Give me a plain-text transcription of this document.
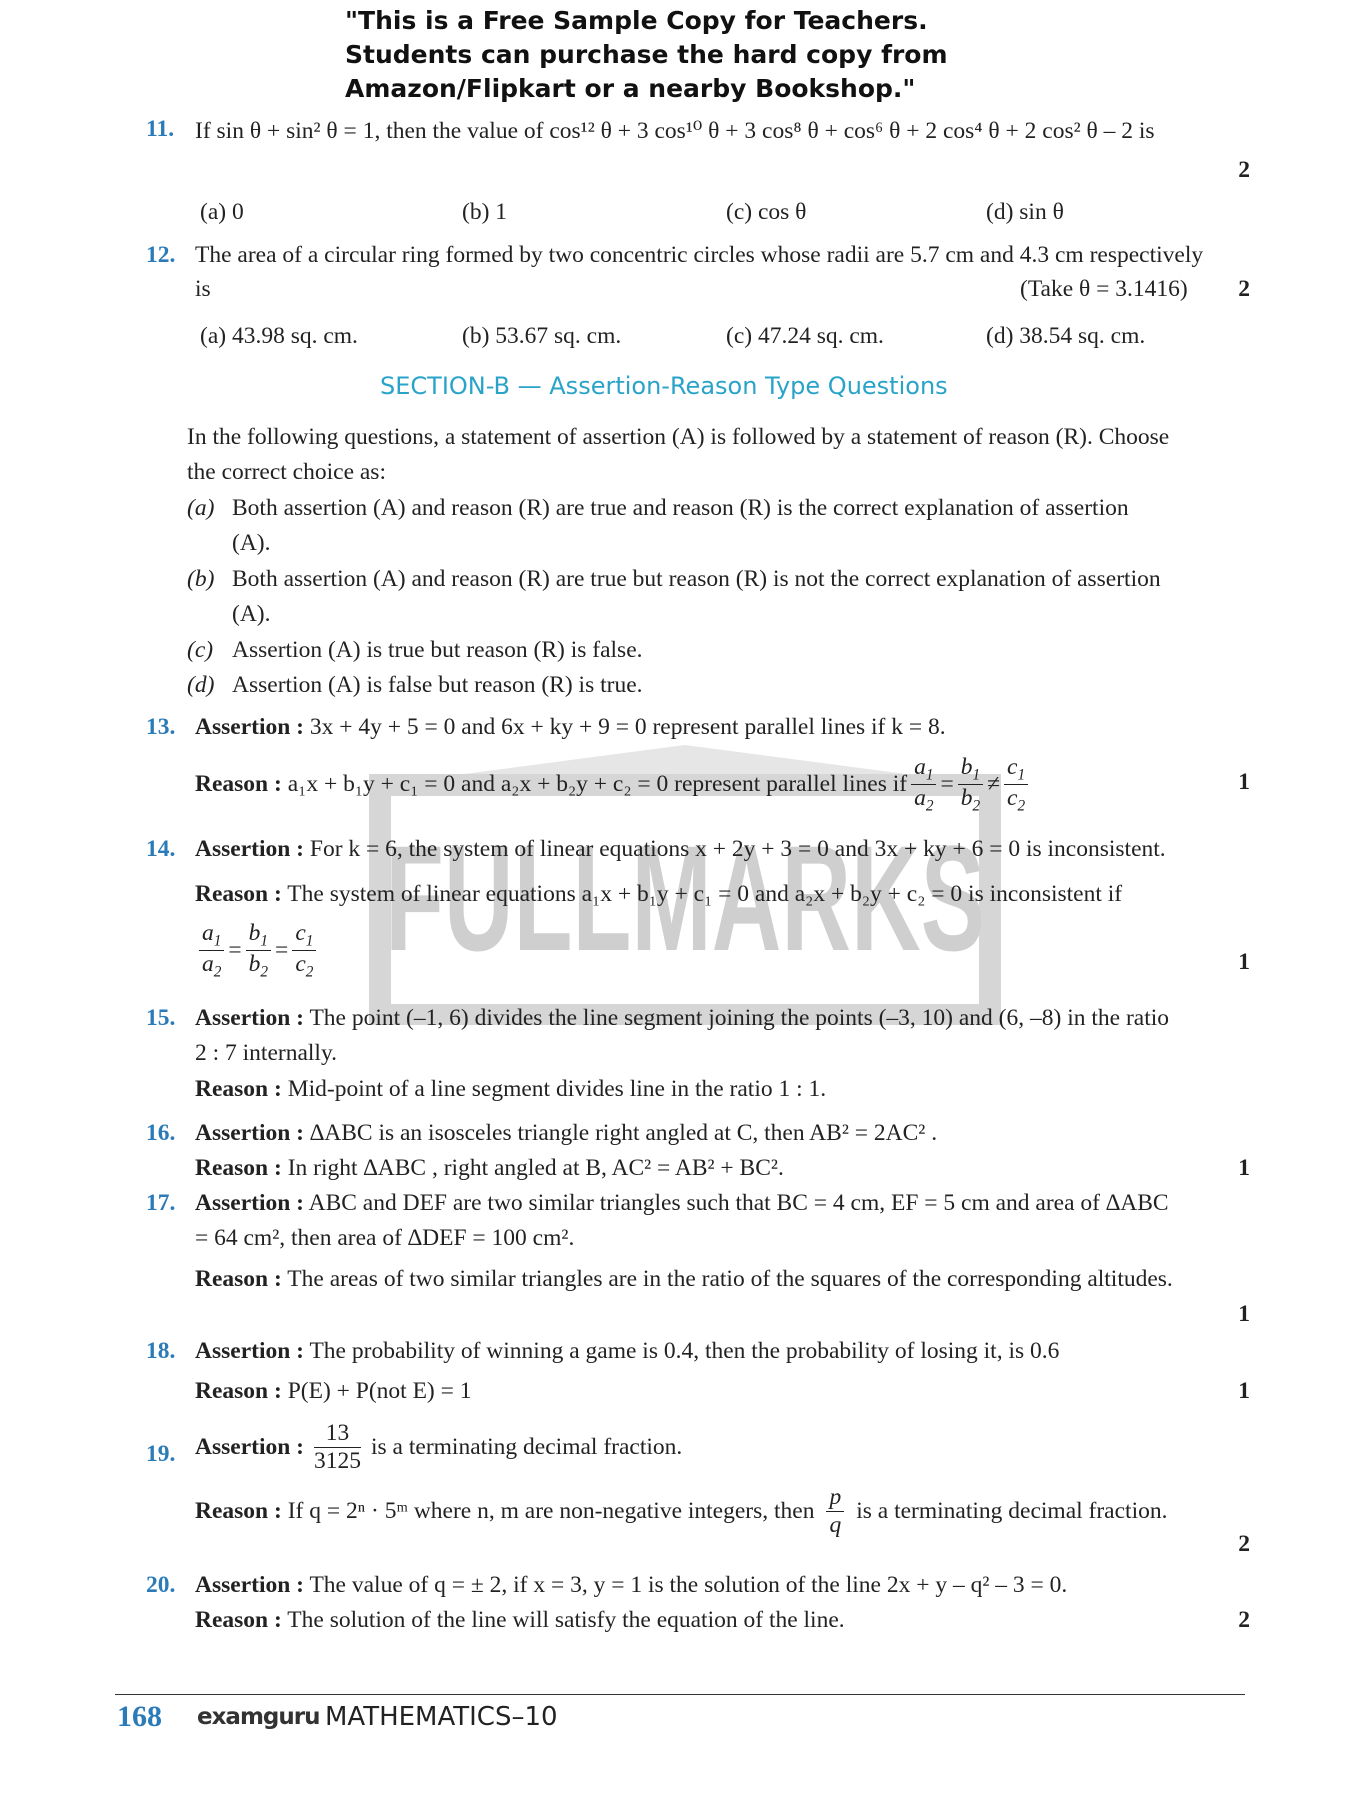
"This is a Free Sample Copy for Teachers.
Students can purchase the hard copy from
Amazon/Flipkart or a nearby Bookshop."
FULLMARKS
11. If sin θ + sin² θ = 1, then the value of cos¹² θ + 3 cos¹⁰ θ + 3 cos⁸ θ + cos⁶ θ + 2 cos⁴ θ + 2 cos² θ – 2 is
2
(a) 0	(b) 1	(c) cos θ	(d) sin θ
12. The area of a circular ring formed by two concentric circles whose radii are 5.7 cm and 4.3 cm respectively
is	(Take θ = 3.1416)	2
(a) 43.98 sq. cm.	(b) 53.67 sq. cm.	(c) 47.24 sq. cm.	(d) 38.54 sq. cm.
SECTION-B — Assertion-Reason Type Questions
In the following questions, a statement of assertion (A) is followed by a statement of reason (R). Choose
the correct choice as:
(a) Both assertion (A) and reason (R) are true and reason (R) is the correct explanation of assertion
(A).
(b) Both assertion (A) and reason (R) are true but reason (R) is not the correct explanation of assertion
(A).
(c) Assertion (A) is true but reason (R) is false.
(d) Assertion (A) is false but reason (R) is true.
13. Assertion : 3x + 4y + 5 = 0 and 6x + ky + 9 = 0 represent parallel lines if k = 8.
Reason :
a₁x + b₁y + c₁ = 0 and a₂x + b₂y + c₂ = 0 represent parallel lines if $\frac{a_1}{a_2} = \frac{b_1}{b_2} \ne \frac{c_1}{c_2}$	1
14. Assertion : For k = 6, the system of linear equations x + 2y + 3 = 0 and 3x + ky + 6 = 0 is inconsistent.
Reason : The system of linear equations a₁x + b₁y + c₁ = 0 and a₂x + b₂y + c₂ = 0 is inconsistent if
$\frac{a_1}{a_2} = \frac{b_1}{b_2} = \frac{c_1}{c_2}$	1
15. Assertion : The point (–1, 6) divides the line segment joining the points (–3, 10) and (6, –8) in the ratio
2 : 7 internally.
Reason : Mid-point of a line segment divides line in the ratio 1 : 1.
16. Assertion : ∆ABC is an isosceles triangle right angled at C, then AB² = 2AC² .
Reason : In right ∆ABC , right angled at B, AC² = AB² + BC².	1
17. Assertion : ABC and DEF are two similar triangles such that BC = 4 cm, EF = 5 cm and area of ∆ABC
= 64 cm², then area of ∆DEF = 100 cm².
Reason : The areas of two similar triangles are in the ratio of the squares of the corresponding altitudes.
1
18. Assertion : The probability of winning a game is 0.4, then the probability of losing it, is 0.6
Reason : P(E) + P(not E) = 1	1
19. Assertion : $\frac{13}{3125}$ is a terminating decimal fraction.
Reason :
If q = 2ⁿ · 5ᵐ where n, m are non-negative integers, then $\frac{p}{q}$ is a terminating decimal fraction.
2
20. Assertion : The value of q = ± 2, if x = 3, y = 1 is the solution of the line 2x + y – q² – 3 = 0.
Reason : The solution of the line will satisfy the equation of the line.	2
168 examguru MATHEMATICS–10
